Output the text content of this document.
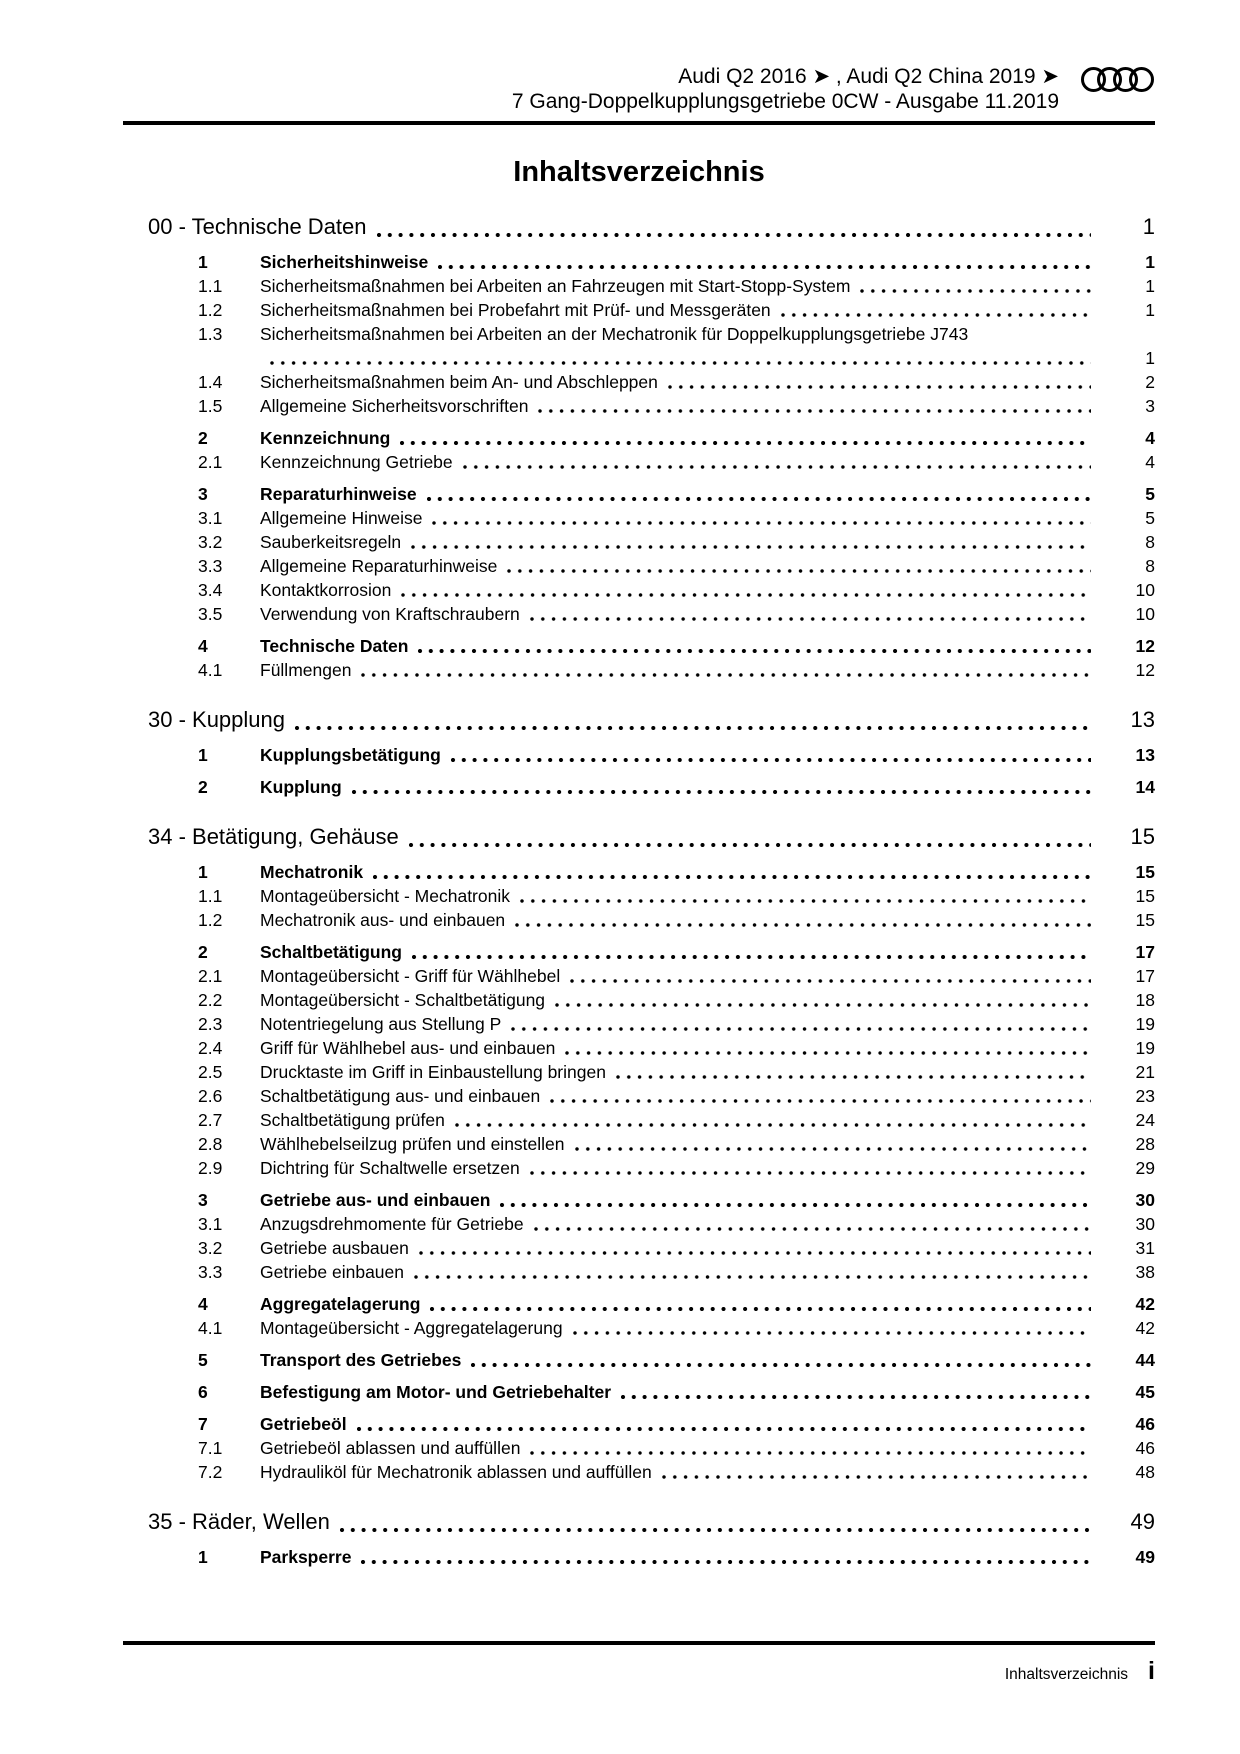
Audi Q2 2016 ➤ , Audi Q2 China 2019 ➤
7 Gang-Doppelkupplungsgetriebe 0CW - Ausgabe 11.2019
Inhaltsverzeichnis
00 - Technische Daten	1
1	Sicherheitshinweise	1
1.1	Sicherheitsmaßnahmen bei Arbeiten an Fahrzeugen mit Start-Stopp-System	1
1.2	Sicherheitsmaßnahmen bei Probefahrt mit Prüf- und Messgeräten	1
1.3	Sicherheitsmaßnahmen bei Arbeiten an der Mechatronik für Doppelkupplungsgetriebe J743
1
1.4	Sicherheitsmaßnahmen beim An- und Abschleppen	2
1.5	Allgemeine Sicherheitsvorschriften	3
2	Kennzeichnung	4
2.1	Kennzeichnung Getriebe	4
3	Reparaturhinweise	5
3.1	Allgemeine Hinweise	5
3.2	Sauberkeitsregeln	8
3.3	Allgemeine Reparaturhinweise	8
3.4	Kontaktkorrosion	10
3.5	Verwendung von Kraftschraubern	10
4	Technische Daten	12
4.1	Füllmengen	12
30 - Kupplung	13
1	Kupplungsbetätigung	13
2	Kupplung	14
34 - Betätigung, Gehäuse	15
1	Mechatronik	15
1.1	Montageübersicht - Mechatronik	15
1.2	Mechatronik aus- und einbauen	15
2	Schaltbetätigung	17
2.1	Montageübersicht - Griff für Wählhebel	17
2.2	Montageübersicht - Schaltbetätigung	18
2.3	Notentriegelung aus Stellung P	19
2.4	Griff für Wählhebel aus- und einbauen	19
2.5	Drucktaste im Griff in Einbaustellung bringen	21
2.6	Schaltbetätigung aus- und einbauen	23
2.7	Schaltbetätigung prüfen	24
2.8	Wählhebelseilzug prüfen und einstellen	28
2.9	Dichtring für Schaltwelle ersetzen	29
3	Getriebe aus- und einbauen	30
3.1	Anzugsdrehmomente für Getriebe	30
3.2	Getriebe ausbauen	31
3.3	Getriebe einbauen	38
4	Aggregatelagerung	42
4.1	Montageübersicht - Aggregatelagerung	42
5	Transport des Getriebes	44
6	Befestigung am Motor- und Getriebehalter	45
7	Getriebeöl	46
7.1	Getriebeöl ablassen und auffüllen	46
7.2	Hydrauliköl für Mechatronik ablassen und auffüllen	48
35 - Räder, Wellen	49
1	Parksperre	49
Inhaltsverzeichnis i
